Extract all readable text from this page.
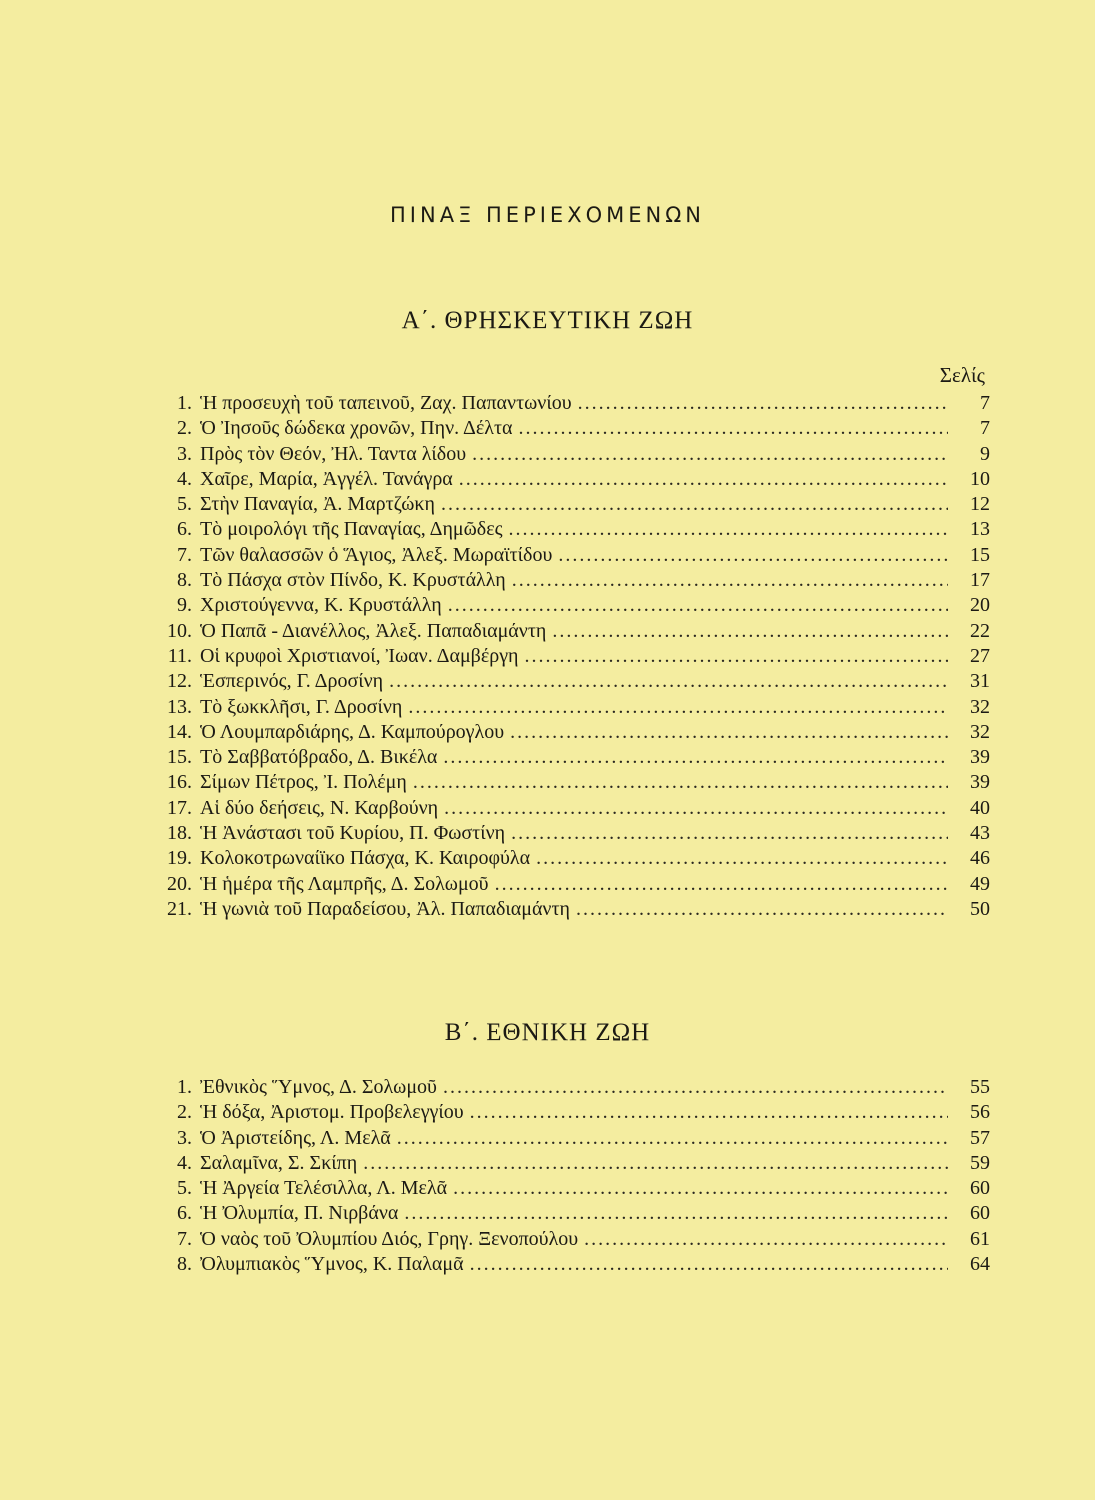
ΠΙΝΑΞ ΠΕΡΙΕΧΟΜΕΝΩΝ
Α΄. ΘΡΗΣΚΕΥΤΙΚΗ ΖΩΗ
Σελίς
1. Ἡ προσευχὴ τοῦ ταπεινοῦ, Ζαχ. Παπαντωνίου .....	7
2. Ὁ Ἰησοῦς δώδεκα χρονῶν, Πην. Δέλτα .....	7
3. Πρὸς τὸν Θεόν, Ἠλ. Ταντα λίδου .....	9
4. Χαῖρε, Μαρία, Ἀγγέλ. Τανάγρα .....	10
5. Στὴν Παναγία, Ἀ. Μαρτζώκη .....	12
6. Τὸ μοιρολόγι τῆς Παναγίας, Δημῶδες .....	13
7. Τῶν θαλασσῶν ὁ Ἅγιος, Ἀλεξ. Μωραϊτίδου .....	15
8. Τὸ Πάσχα στὸν Πίνδο, Κ. Κρυστάλλη .....	17
9. Χριστούγεννα, Κ. Κρυστάλλη .....	20
10. Ὁ Παπᾶ - Διανέλλος, Ἀλεξ. Παπαδιαμάντη .....	22
11. Οἱ κρυφοὶ Χριστιανοί, Ἰωαν. Δαμβέργη .....	27
12. Ἑσπερινός, Γ. Δροσίνη .....	31
13. Τὸ ξωκκλῆσι, Γ. Δροσίνη .....	32
14. Ὁ Λουμπαρδιάρης, Δ. Καμπούρογλου .....	32
15. Τὸ Σαββατόβραδο, Δ. Βικέλα .....	39
16. Σίμων Πέτρος, Ἰ. Πολέμη .....	39
17. Αἱ δύο δεήσεις, Ν. Καρβούνη .....	40
18. Ἡ Ἀνάστασι τοῦ Κυρίου, Π. Φωστίνη .....	43
19. Κολοκοτρωναίϊκο Πάσχα, Κ. Καιροφύλα .....	46
20. Ἡ ἡμέρα τῆς Λαμπρῆς, Δ. Σολωμοῦ .....	49
21. Ἡ γωνιὰ τοῦ Παραδείσου, Ἀλ. Παπαδιαμάντη .....	50
Β΄. ΕΘΝΙΚΗ ΖΩΗ
1. Ἐθνικὸς Ὕμνος, Δ. Σολωμοῦ .....	55
2. Ἡ δόξα, Ἀριστομ. Προβελεγγίου .....	56
3. Ὁ Ἀριστείδης, Λ. Μελᾶ .....	57
4. Σαλαμῖνα, Σ. Σκίπη .....	59
5. Ἡ Ἀργεία Τελέσιλλα, Λ. Μελᾶ .....	60
6. Ἡ Ὀλυμπία, Π. Νιρβάνα .....	60
7. Ὁ ναὸς τοῦ Ὀλυμπίου Διός, Γρηγ. Ξενοπούλου .....	61
8. Ὀλυμπιακὸς Ὕμνος, Κ. Παλαμᾶ .....	64
